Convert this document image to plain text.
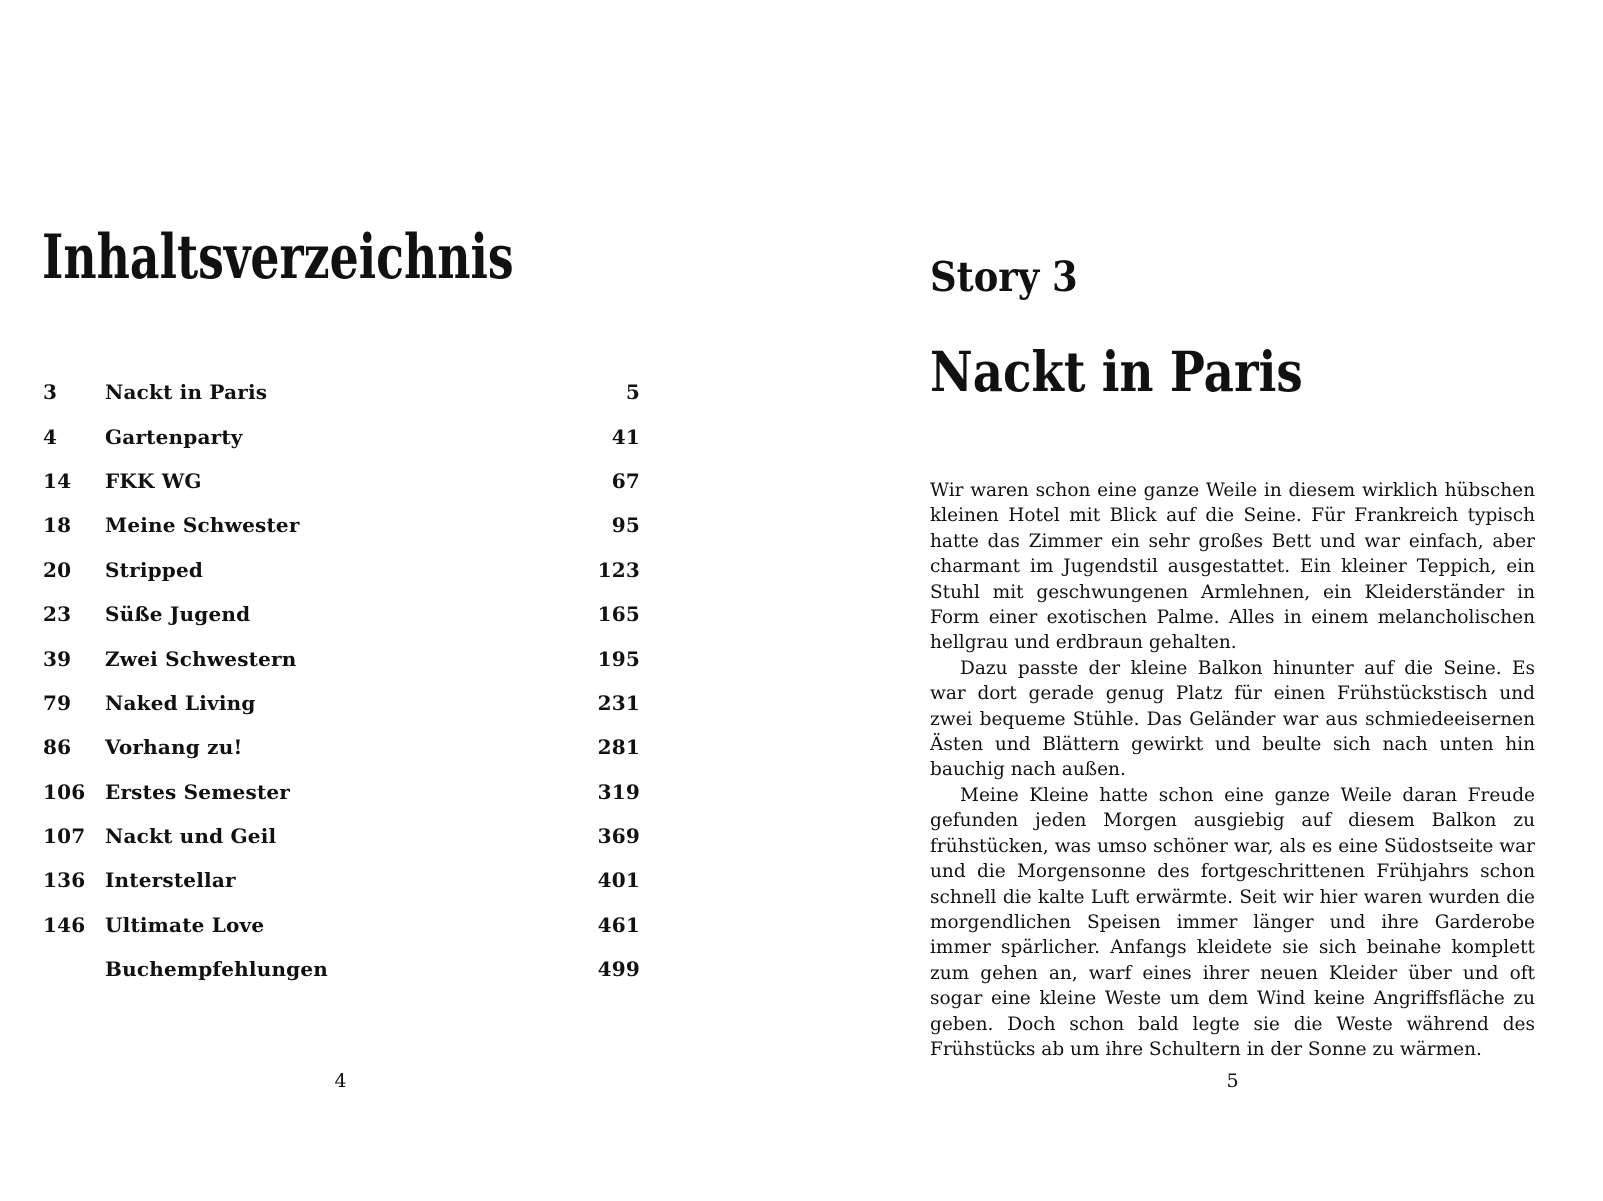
Inhaltsverzeichnis
3	Nackt in Paris	5
4	Gartenparty	41
14	FKK WG	67
18	Meine Schwester	95
20	Stripped	123
23	Süße Jugend	165
39	Zwei Schwestern	195
79	Naked Living	231
86	Vorhang zu!	281
106 Erstes Semester	319
107 Nackt und Geil	369
136 Interstellar	401
146 Ultimate Love	461
Buchempfehlungen	499
4
Story 3
Nackt in Paris

Wir waren schon eine ganze Weile in diesem wirklich hübschen kleinen Hotel mit Blick auf die Seine. Für Frankreich typisch hatte das Zimmer ein sehr großes Bett und war einfach, aber charmant im Jugendstil ausgestattet. Ein kleiner Teppich, ein Stuhl mit geschwungenen Armlehnen, ein Kleiderständer in Form einer exotischen Palme. Alles in einem melancholischen hellgrau und erdbraun gehalten.

Dazu passte der kleine Balkon hinunter auf die Seine. Es war dort gerade genug Platz für einen Frühstückstisch und zwei bequeme Stühle. Das Geländer war aus schmiedeeisernen Ästen und Blättern gewirkt und beulte sich nach unten hin bauchig nach außen.

Meine Kleine hatte schon eine ganze Weile daran Freude gefunden jeden Morgen ausgiebig auf diesem Balkon zu frühstücken, was umso schöner war, als es eine Südostseite war und die Morgensonne des fortgeschrittenen Frühjahrs schon schnell die kalte Luft erwärmte. Seit wir hier waren wurden die morgendlichen Speisen immer länger und ihre Garderobe immer spärlicher. Anfangs kleidete sie sich beinahe komplett zum gehen an, warf eines ihrer neuen Kleider über und oft sogar eine kleine Weste um dem Wind keine Angriffsfläche zu geben. Doch schon bald legte sie die Weste während des Frühstücks ab um ihre Schultern in der Sonne zu wärmen.

5
